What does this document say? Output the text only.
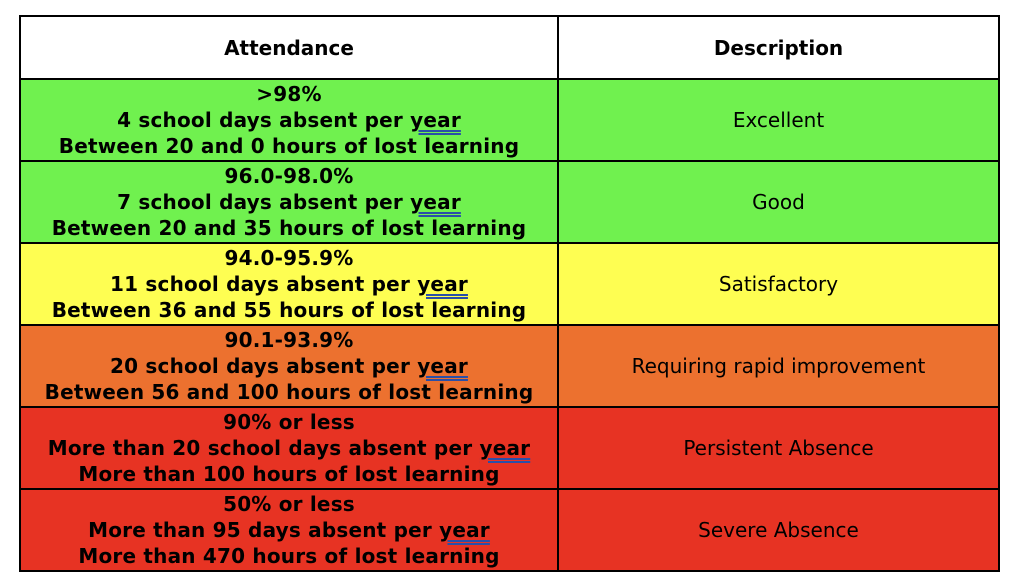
Attendance	Description

>98%
4 school days absent per year
Between 20 and 0 hours of lost learning	Excellent

96.0-98.0%
7 school days absent per year
Between 20 and 35 hours of lost learning	Good

94.0-95.9%
11 school days absent per year
Between 36 and 55 hours of lost learning	Satisfactory

90.1-93.9%
20 school days absent per year
Between 56 and 100 hours of lost learning	Requiring rapid improvement

90% or less
More than 20 school days absent per year
More than 100 hours of lost learning	Persistent Absence

50% or less
More than 95 days absent per year
More than 470 hours of lost learning	Severe Absence
